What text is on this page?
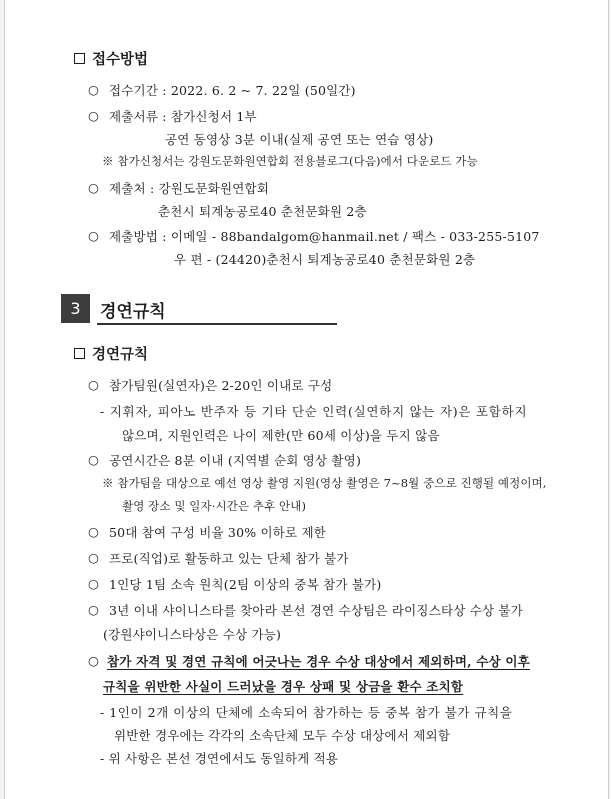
접수방법
○ 접수기간 : 2022. 6. 2 ~ 7. 22일 (50일간)
○ 제출서류 : 참가신청서 1부
공연 동영상 3분 이내(실제 공연 또는 연습 영상)
※ 참가신청서는 강원도문화원연합회 전용블로그(다음)에서 다운로드 가능
○ 제출처 : 강원도문화원연합회
춘천시 퇴계농공로40 춘천문화원 2층
○ 제출방법 : 이메일 - 88bandalgom@hanmail.net / 팩스 - 033-255-5107
우 편 - (24420)춘천시 퇴계농공로40 춘천문화원 2층
3	경연규칙
경연규칙
○ 참가팀원(실연자)은 2-20인 이내로 구성
- 지휘자, 피아노 반주자 등 기타 단순 인력(실연하지 않는 자)은 포함하지
않으며, 지원인력은 나이 제한(만 60세 이상)을 두지 않음
○ 공연시간은 8분 이내 (지역별 순회 영상 촬영)
※ 참가팀을 대상으로 예선 영상 촬영 지원(영상 촬영은 7~8월 중으로 진행될 예정이며,
촬영 장소 및 일자·시간은 추후 안내)
○ 50대 참여 구성 비율 30% 이하로 제한
○ 프로(직업)로 활동하고 있는 단체 참가 불가
○ 1인당 1팀 소속 원칙(2팀 이상의 중복 참가 불가)
○ 3년 이내 샤이니스타를 찾아라 본선 경연 수상팀은 라이징스타상 수상 불가
(강원샤이니스타상은 수상 가능)
○ 참가 자격 및 경연 규칙에 어긋나는 경우 수상 대상에서 제외하며, 수상 이후
규칙을 위반한 사실이 드러났을 경우 상패 및 상금을 환수 조치함
- 1인이 2개 이상의 단체에 소속되어 참가하는 등 중복 참가 불가 규칙을
위반한 경우에는 각각의 소속단체 모두 수상 대상에서 제외함
- 위 사항은 본선 경연에서도 동일하게 적용
